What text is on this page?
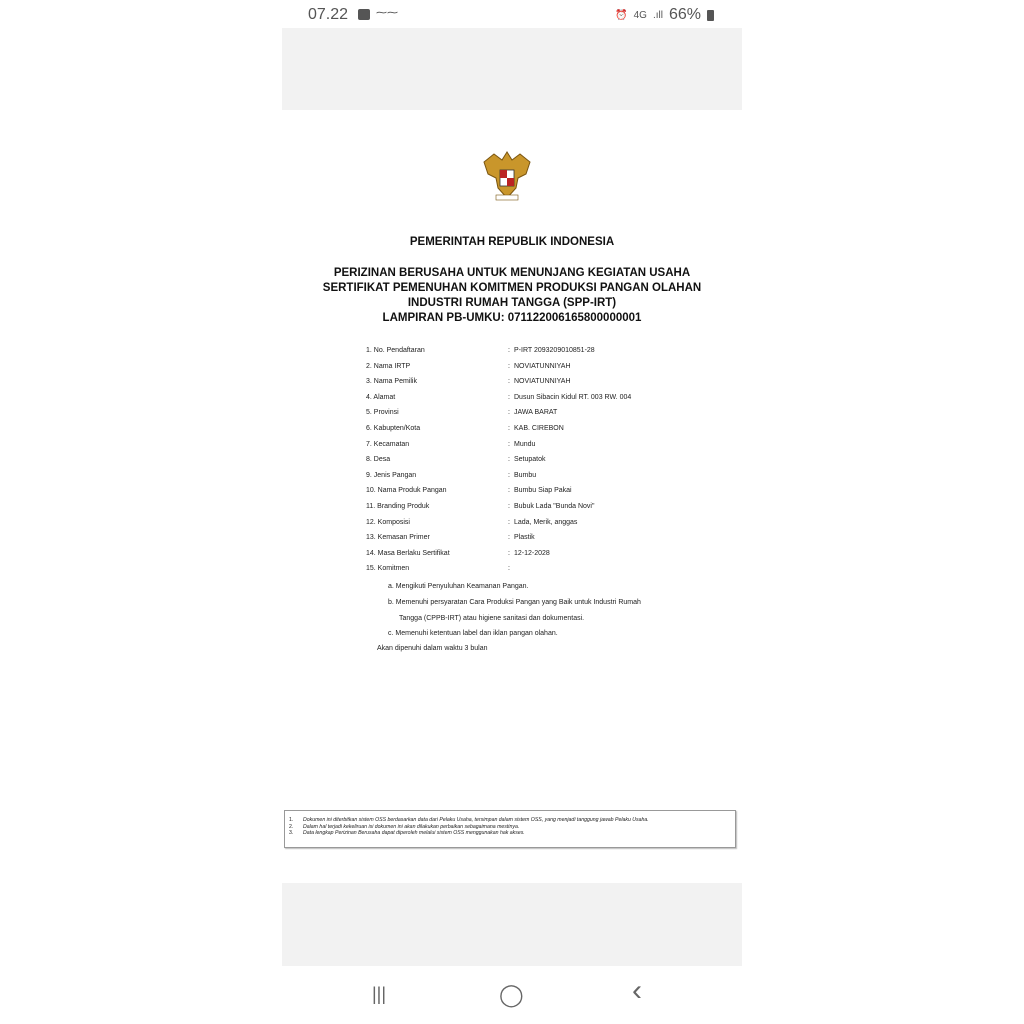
07.22	⁓⁓	⏰ 4G .ıll 66%
PEMERINTAH REPUBLIK INDONESIA
PERIZINAN BERUSAHA UNTUK MENUNJANG KEGIATAN USAHA
SERTIFIKAT PEMENUHAN KOMITMEN PRODUKSI PANGAN OLAHAN
INDUSTRI RUMAH TANGGA (SPP-IRT)
LAMPIRAN PB-UMKU: 071122006165800000001
1. No. Pendaftaran	: P-IRT 2093209010851-28
2. Nama IRTP	: NOVIATUNNIYAH
3. Nama Pemilik	: NOVIATUNNIYAH
4. Alamat	: Dusun Sibacin Kidul RT. 003 RW. 004
5. Provinsi	: JAWA BARAT
6. Kabupten/Kota	: KAB. CIREBON
7. Kecamatan	: Mundu
8. Desa	: Setupatok
9. Jenis Pangan	: Bumbu
10. Nama Produk Pangan	: Bumbu Siap Pakai
11. Branding Produk	: Bubuk Lada "Bunda Novi"
12. Komposisi	: Lada, Merik, anggas
13. Kemasan Primer	: Plastik
14. Masa Berlaku Sertifikat	: 12-12-2028
15. Komitmen	:
a. Mengikuti Penyuluhan Keamanan Pangan.
b. Memenuhi persyaratan Cara Produksi Pangan yang Baik untuk Industri Rumah
Tangga (CPPB-IRT) atau higiene sanitasi dan dokumentasi.
c. Memenuhi ketentuan label dan iklan pangan olahan.
Akan dipenuhi dalam waktu 3 bulan
1. Dokumen ini diterbitkan sistem OSS berdasarkan data dari Pelaku Usaha, tersimpan dalam sistem OSS, yang menjadi tanggung jawab Pelaku Usaha.
2. Dalam hal terjadi kekeliruan isi dokumen ini akan dilakukan perbaikan sebagaimana mestinya.
3. Data lengkap Perizinan Berusaha dapat diperoleh melalui sistem OSS menggunakan hak akses.
|||	◯	‹
